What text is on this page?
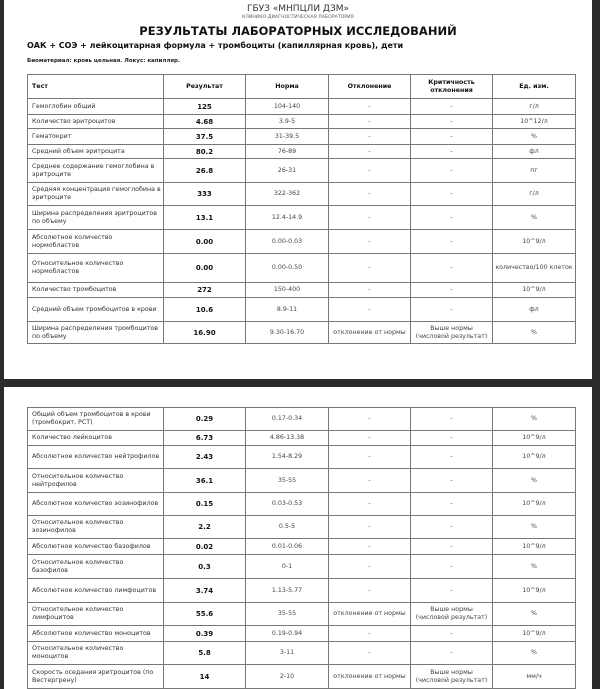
ГБУЗ «МНПЦЛИ ДЗМ»
КЛИНИКО-ДИАГНОСТИЧЕСКАЯ ЛАБОРАТОРИЯ
РЕЗУЛЬТАТЫ ЛАБОРАТОРНЫХ ИССЛЕДОВАНИЙ
ОАК + СОЭ + лейкоцитарная формула + тромбоциты (капиллярная кровь), дети
Биоматериал: кровь цельная. Локус: капилляр.
Тест	Результат	Норма	Отклонение	Критичность отклонения	Ед. изм.
Гемоглобин общий	125	104-140	-	-	г/л
Количество эритроцитов	4.68	3.9-5	-	-	10^12/л
Гематокрит	37.5	31-39.5	-	-	%
Средний объем эритроцита	80.2	76-89	-	-	фл
Среднее содержание гемоглобина в эритроците	26.8	26-31	-	-	пг
Средняя концентрация гемоглобина в эритроците	333	322-362	-	-	г/л
Ширина распределения эритроцитов по объему	13.1	12.4-14.9	-	-	%
Абсолютное количество нормобластов	0.00	0.00-0.03	-	-	10^9/л
Относительное количество нормобластов	0.00	0.00-0.50	-	-	количество/100 клеток
Количество тромбоцитов	272	150-400	-	-	10^9/л
Средний объем тромбоцитов в крови	10.6	8.9-11	-	-	фл
Ширина распределения тромбоцитов по объему	16.90	9.30-16.70	отклонение от нормы	Выше нормы (числовой результат)	%
Общий объем тромбоцитов в крови (тромбокрит, PCT)	0.29	0.17-0.34	-	-	%
Количество лейкоцитов	6.73	4.86-13.38	-	-	10^9/л
Абсолютное количество нейтрофилов	2.43	1.54-8.29	-	-	10^9/л
Относительное количество нейтрофилов	36.1	35-55	-	-	%
Абсолютное количество эозинофилов	0.15	0.03-0.53	-	-	10^9/л
Относительное количество эозинофилов	2.2	0.5-5	-	-	%
Абсолютное количество базофилов	0.02	0.01-0.06	-	-	10^9/л
Относительное количество базофилов	0.3	0-1	-	-	%
Абсолютное количество лимфоцитов	3.74	1.13-5.77	-	-	10^9/л
Относительное количество лимфоцитов	55.6	35-55	отклонение от нормы	Выше нормы (числовой результат)	%
Абсолютное количество моноцитов	0.39	0.19-0.94	-	-	10^9/л
Относительное количество моноцитов	5.8	3-11	-	-	%
Скорость оседания эритроцитов (по Вестергрену)	14	2-10	отклонение от нормы	Выше нормы (числовой результат)	мм/ч
